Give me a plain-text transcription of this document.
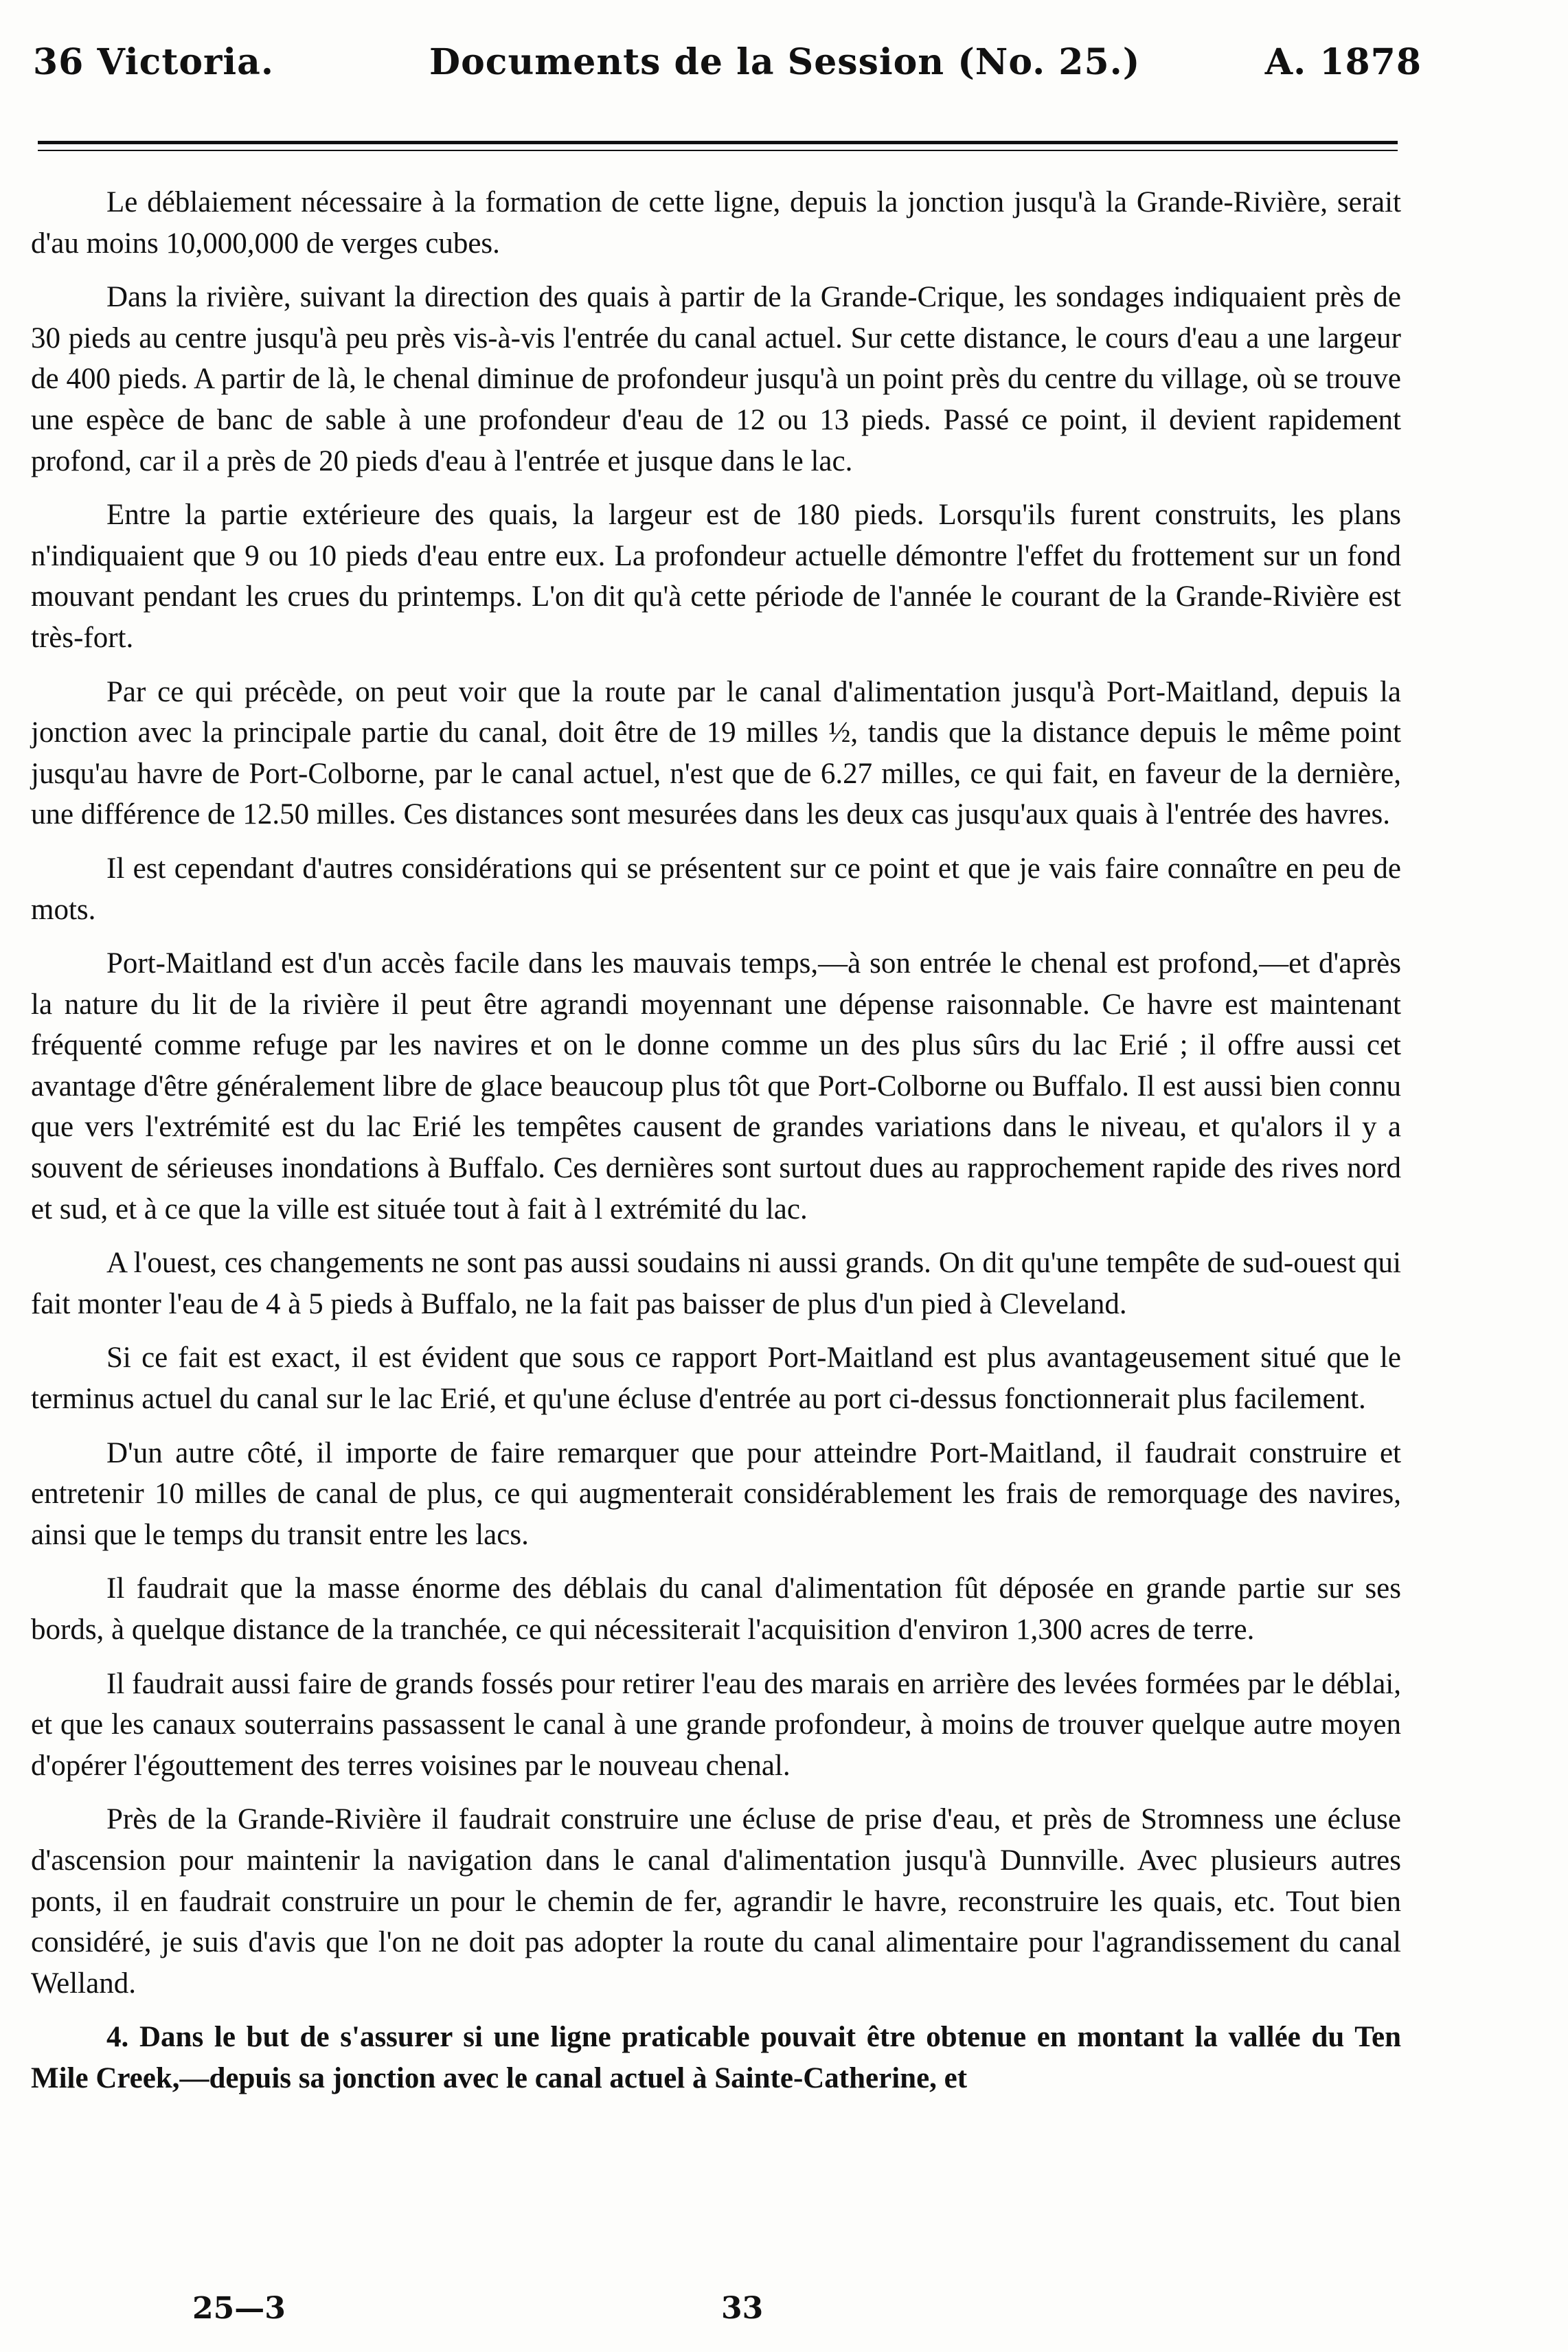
36 Victoria.	Documents de la Session (No. 25.)	A. 1878

Le déblaiement nécessaire à la formation de cette ligne, depuis la jonction jusqu'à la Grande-Rivière, serait d'au moins 10,000,000 de verges cubes.

Dans la rivière, suivant la direction des quais à partir de la Grande-Crique, les sondages indiquaient près de 30 pieds au centre jusqu'à peu près vis-à-vis l'entrée du canal actuel. Sur cette distance, le cours d'eau a une largeur de 400 pieds. A partir de là, le chenal diminue de profondeur jusqu'à un point près du centre du village, où se trouve une espèce de banc de sable à une profondeur d'eau de 12 ou 13 pieds. Passé ce point, il devient rapidement profond, car il a près de 20 pieds d'eau à l'entrée et jusque dans le lac.

Entre la partie extérieure des quais, la largeur est de 180 pieds. Lorsqu'ils furent construits, les plans n'indiquaient que 9 ou 10 pieds d'eau entre eux. La profondeur actuelle démontre l'effet du frottement sur un fond mouvant pendant les crues du printemps. L'on dit qu'à cette période de l'année le courant de la Grande-Rivière est très-fort.

Par ce qui précède, on peut voir que la route par le canal d'alimentation jusqu'à Port-Maitland, depuis la jonction avec la principale partie du canal, doit être de 19 milles ½, tandis que la distance depuis le même point jusqu'au havre de Port-Colborne, par le canal actuel, n'est que de 6.27 milles, ce qui fait, en faveur de la dernière, une différence de 12.50 milles. Ces distances sont mesurées dans les deux cas jusqu'aux quais à l'entrée des havres.

Il est cependant d'autres considérations qui se présentent sur ce point et que je vais faire connaître en peu de mots.

Port-Maitland est d'un accès facile dans les mauvais temps,—à son entrée le chenal est profond,—et d'après la nature du lit de la rivière il peut être agrandi moyennant une dépense raisonnable. Ce havre est maintenant fréquenté comme refuge par les navires et on le donne comme un des plus sûrs du lac Erié ; il offre aussi cet avantage d'être généralement libre de glace beaucoup plus tôt que Port-Colborne ou Buffalo. Il est aussi bien connu que vers l'extrémité est du lac Erié les tempêtes causent de grandes variations dans le niveau, et qu'alors il y a souvent de sérieuses inondations à Buffalo. Ces dernières sont surtout dues au rapprochement rapide des rives nord et sud, et à ce que la ville est située tout à fait à l extrémité du lac.

A l'ouest, ces changements ne sont pas aussi soudains ni aussi grands. On dit qu'une tempête de sud-ouest qui fait monter l'eau de 4 à 5 pieds à Buffalo, ne la fait pas baisser de plus d'un pied à Cleveland.

Si ce fait est exact, il est évident que sous ce rapport Port-Maitland est plus avantageusement situé que le terminus actuel du canal sur le lac Erié, et qu'une écluse d'entrée au port ci-dessus fonctionnerait plus facilement.

D'un autre côté, il importe de faire remarquer que pour atteindre Port-Maitland, il faudrait construire et entretenir 10 milles de canal de plus, ce qui augmenterait considérablement les frais de remorquage des navires, ainsi que le temps du transit entre les lacs.

Il faudrait que la masse énorme des déblais du canal d'alimentation fût déposée en grande partie sur ses bords, à quelque distance de la tranchée, ce qui nécessiterait l'acquisition d'environ 1,300 acres de terre.

Il faudrait aussi faire de grands fossés pour retirer l'eau des marais en arrière des levées formées par le déblai, et que les canaux souterrains passassent le canal à une grande profondeur, à moins de trouver quelque autre moyen d'opérer l'égouttement des terres voisines par le nouveau chenal.

Près de la Grande-Rivière il faudrait construire une écluse de prise d'eau, et près de Stromness une écluse d'ascension pour maintenir la navigation dans le canal d'alimentation jusqu'à Dunnville. Avec plusieurs autres ponts, il en faudrait construire un pour le chemin de fer, agrandir le havre, reconstruire les quais, etc. Tout bien considéré, je suis d'avis que l'on ne doit pas adopter la route du canal alimentaire pour l'agrandissement du canal Welland.

4. Dans le but de s'assurer si une ligne praticable pouvait être obtenue en montant la vallée du Ten Mile Creek,—depuis sa jonction avec le canal actuel à Sainte-Catherine, et

25—3	33
